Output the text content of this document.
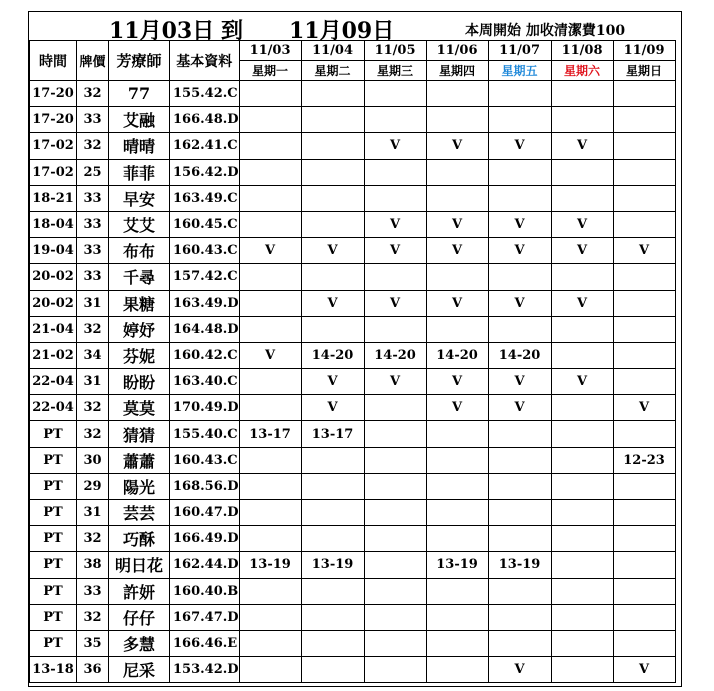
11月03日 到 11月09日	本周開始 加收清潔費100
時間	牌價	芳療師	基本資料	11/03	11/04	11/05	11/06	11/07	11/08	11/09
				星期一	星期二	星期三	星期四	星期五	星期六	星期日
17-20	32	77	155.42.C							
17-20	33	艾融	166.48.D							
17-02	32	晴晴	162.41.C			V	V	V	V	
17-02	25	菲菲	156.42.D							
18-21	33	早安	163.49.C							
18-04	33	艾艾	160.45.C			V	V	V	V	
19-04	33	布布	160.43.C	V	V	V	V	V	V	V
20-02	33	千尋	157.42.C							
20-02	31	果糖	163.49.D		V	V	V	V	V	
21-04	32	婷妤	164.48.D							
21-02	34	芬妮	160.42.C	V	14-20	14-20	14-20	14-20		
22-04	31	盼盼	163.40.C		V	V	V	V	V	
22-04	32	莫莫	170.49.D		V		V	V		V
PT	32	猜猜	155.40.C	13-17	13-17					
PT	30	蕭蕭	160.43.C							12-23
PT	29	陽光	168.56.D							
PT	31	芸芸	160.47.D							
PT	32	巧酥	166.49.D							
PT	38	明日花	162.44.D	13-19	13-19		13-19	13-19		
PT	33	許妍	160.40.B							
PT	32	仔仔	167.47.D							
PT	35	多慧	166.46.E							
13-18	36	尼采	153.42.D					V		V
